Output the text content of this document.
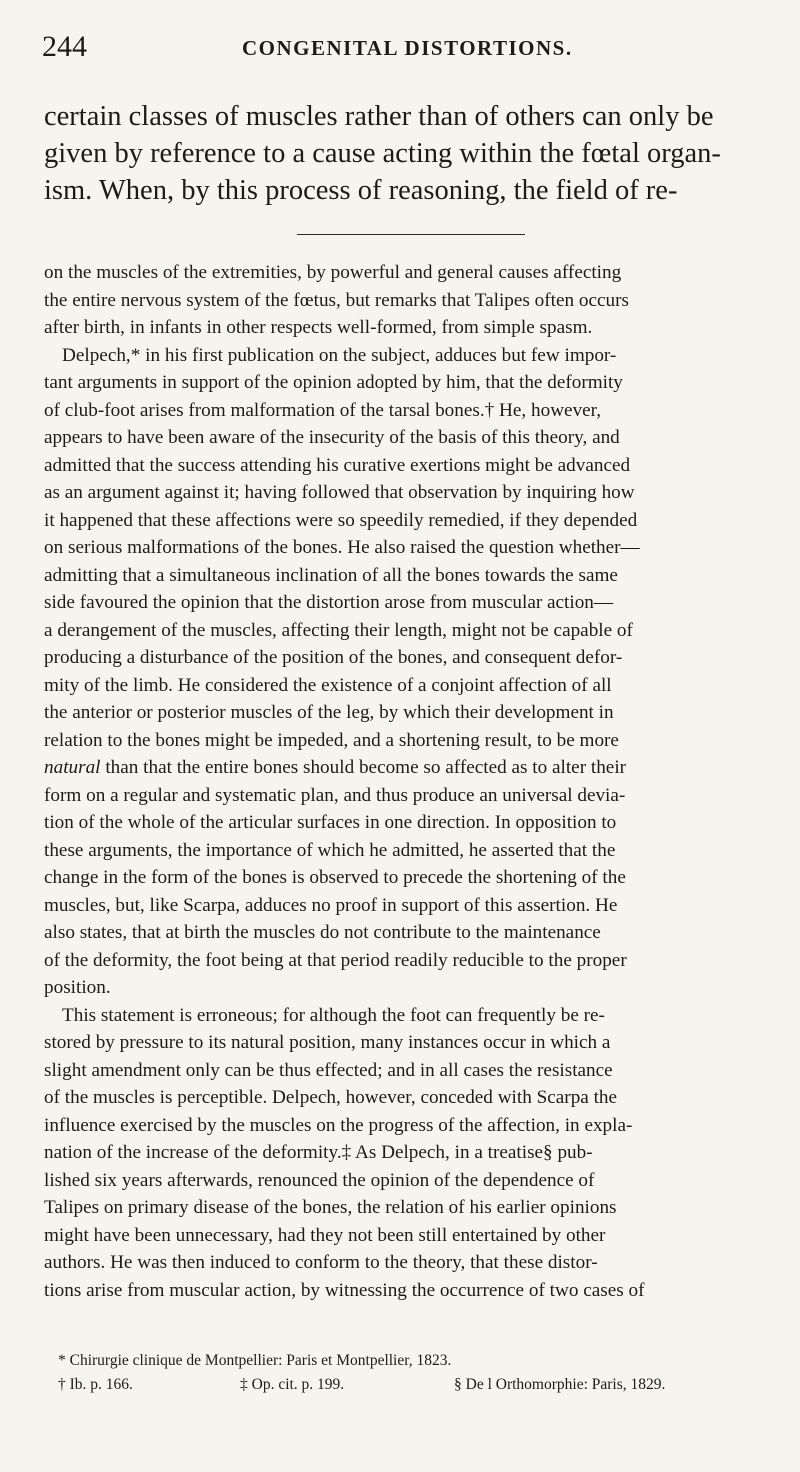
244	CONGENITAL DISTORTIONS.
certain classes of muscles rather than of others can only be
given by reference to a cause acting within the fœtal organ-
ism. When, by this process of reasoning, the field of re-
on the muscles of the extremities, by powerful and general causes affecting
the entire nervous system of the fœtus, but remarks that Talipes often occurs
after birth, in infants in other respects well-formed, from simple spasm.
Delpech,* in his first publication on the subject, adduces but few impor-
tant arguments in support of the opinion adopted by him, that the deformity
of club-foot arises from malformation of the tarsal bones.† He, however,
appears to have been aware of the insecurity of the basis of this theory, and
admitted that the success attending his curative exertions might be advanced
as an argument against it; having followed that observation by inquiring how
it happened that these affections were so speedily remedied, if they depended
on serious malformations of the bones. He also raised the question whether—
admitting that a simultaneous inclination of all the bones towards the same
side favoured the opinion that the distortion arose from muscular action—
a derangement of the muscles, affecting their length, might not be capable of
producing a disturbance of the position of the bones, and consequent defor-
mity of the limb. He considered the existence of a conjoint affection of all
the anterior or posterior muscles of the leg, by which their development in
relation to the bones might be impeded, and a shortening result, to be more
natural than that the entire bones should become so affected as to alter their
form on a regular and systematic plan, and thus produce an universal devia-
tion of the whole of the articular surfaces in one direction. In opposition to
these arguments, the importance of which he admitted, he asserted that the
change in the form of the bones is observed to precede the shortening of the
muscles, but, like Scarpa, adduces no proof in support of this assertion. He
also states, that at birth the muscles do not contribute to the maintenance
of the deformity, the foot being at that period readily reducible to the proper
position.
This statement is erroneous; for although the foot can frequently be re-
stored by pressure to its natural position, many instances occur in which a
slight amendment only can be thus effected; and in all cases the resistance
of the muscles is perceptible. Delpech, however, conceded with Scarpa the
influence exercised by the muscles on the progress of the affection, in expla-
nation of the increase of the deformity.‡ As Delpech, in a treatise§ pub-
lished six years afterwards, renounced the opinion of the dependence of
Talipes on primary disease of the bones, the relation of his earlier opinions
might have been unnecessary, had they not been still entertained by other
authors. He was then induced to conform to the theory, that these distor-
tions arise from muscular action, by witnessing the occurrence of two cases of
* Chirurgie clinique de Montpellier: Paris et Montpellier, 1823.
† Ib. p. 166.	‡ Op. cit. p. 199.	§ De l Orthomorphie: Paris, 1829.
